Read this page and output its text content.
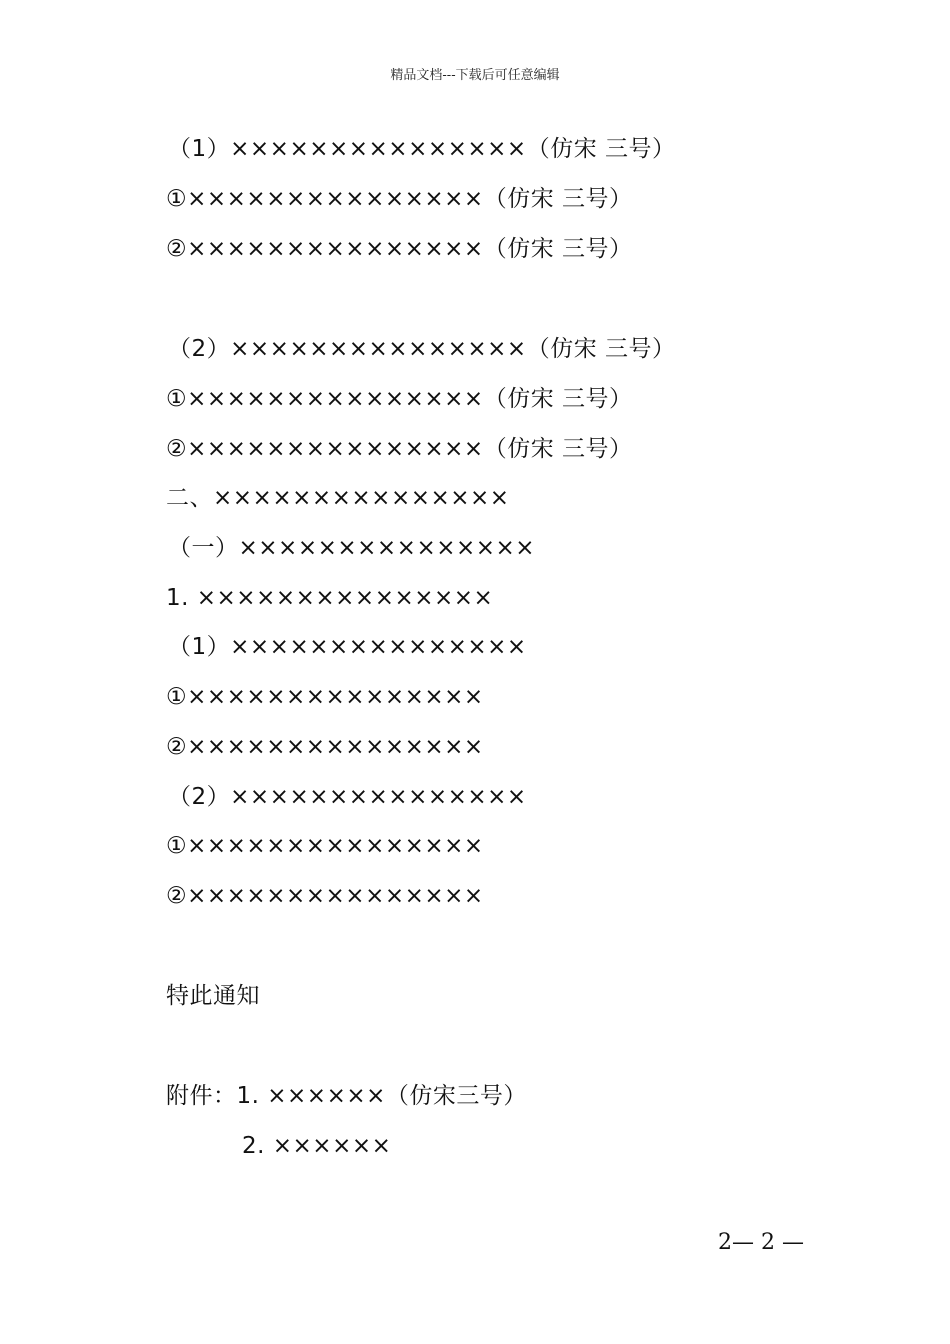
精品文档---下载后可任意编辑
（1）×××××××××××××××（仿宋 三号）
①×××××××××××××××（仿宋 三号）
②×××××××××××××××（仿宋 三号）
（2）×××××××××××××××（仿宋 三号）
①×××××××××××××××（仿宋 三号）
②×××××××××××××××（仿宋 三号）
二、×××××××××××××××
（一）×××××××××××××××
1. ×××××××××××××××
（1）×××××××××××××××
①×××××××××××××××
②×××××××××××××××
（2）×××××××××××××××
①×××××××××××××××
②×××××××××××××××
特此通知
附件：1. ××××××（仿宋三号）
2. ××××××
2— 2 —
